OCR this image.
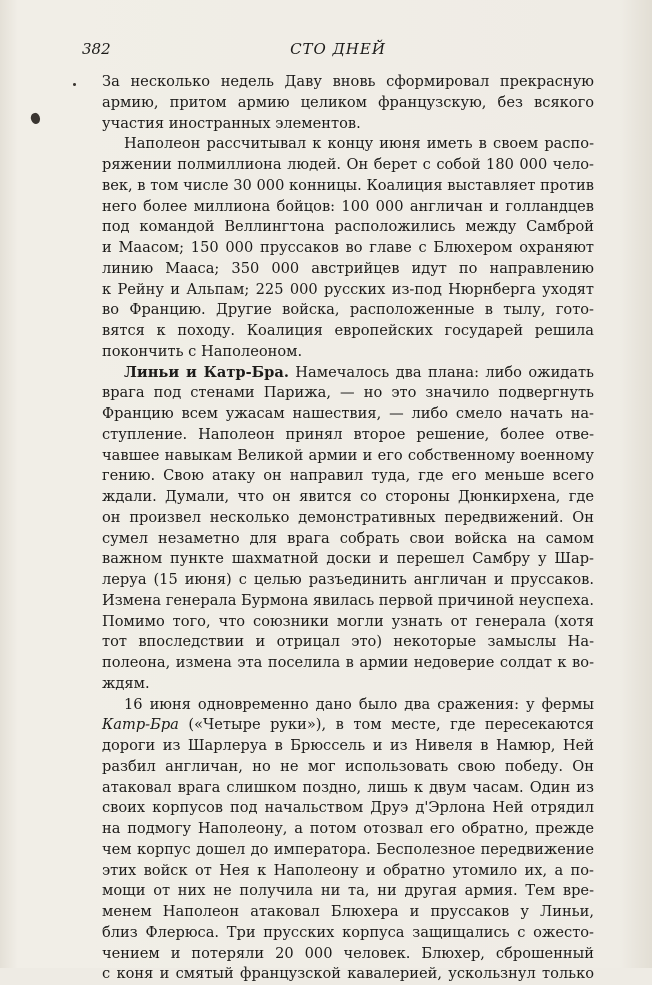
382	СТО ДНЕЙ
За несколько недель Даву вновь сформировал прекрасную
армию, притом армию целиком французскую, без всякого
участия иностранных элементов.
Наполеон рассчитывал к концу июня иметь в своем распо-
ряжении полмиллиона людей. Он берет с собой 180 000 чело-
век, в том числе 30 000 конницы. Коалиция выставляет против
него более миллиона бойцов: 100 000 англичан и голландцев
под командой Веллингтона расположились между Самброй
и Маасом; 150 000 пруссаков во главе с Блюхером охраняют
линию Мааса; 350 000 австрийцев идут по направлению
к Рейну и Альпам; 225 000 русских из-под Нюрнберга уходят
во Францию. Другие войска, расположенные в тылу, гото-
вятся к походу. Коалиция европейских государей решила
покончить с Наполеоном.
Линьи и Катр-Бра. Намечалось два плана: либо ожидать
врага под стенами Парижа, — но это значило подвергнуть
Францию всем ужасам нашествия, — либо смело начать на-
ступление. Наполеон принял второе решение, более отве-
чавшее навыкам Великой армии и его собственному военному
гению. Свою атаку он направил туда, где его меньше всего
ждали. Думали, что он явится со стороны Дюнкирхена, где
он произвел несколько демонстративных передвижений. Он
сумел незаметно для врага собрать свои войска на самом
важном пункте шахматной доски и перешел Самбру у Шар-
леруа (15 июня) с целью разъединить англичан и пруссаков.
Измена генерала Бурмона явилась первой причиной неуспеха.
Помимо того, что союзники могли узнать от генерала (хотя
тот впоследствии и отрицал это) некоторые замыслы На-
полеона, измена эта поселила в армии недоверие солдат к во-
ждям.
16 июня одновременно дано было два сражения: у фермы
Катр-Бра («Четыре руки»), в том месте, где пересекаются
дороги из Шарлеруа в Брюссель и из Нивеля в Намюр, Ней
разбил англичан, но не мог использовать свою победу. Он
атаковал врага слишком поздно, лишь к двум часам. Один из
своих корпусов под начальством Друэ д'Эрлона Ней отрядил
на подмогу Наполеону, а потом отозвал его обратно, прежде
чем корпус дошел до императора. Бесполезное передвижение
этих войск от Нея к Наполеону и обратно утомило их, а по-
мощи от них не получила ни та, ни другая армия. Тем вре-
менем Наполеон атаковал Блюхера и пруссаков у Линьи,
близ Флерюса. Три прусских корпуса защищались с ожесто-
чением и потеряли 20 000 человек. Блюхер, сброшенный
с коня и смятый французской кавалерией, ускользнул только
